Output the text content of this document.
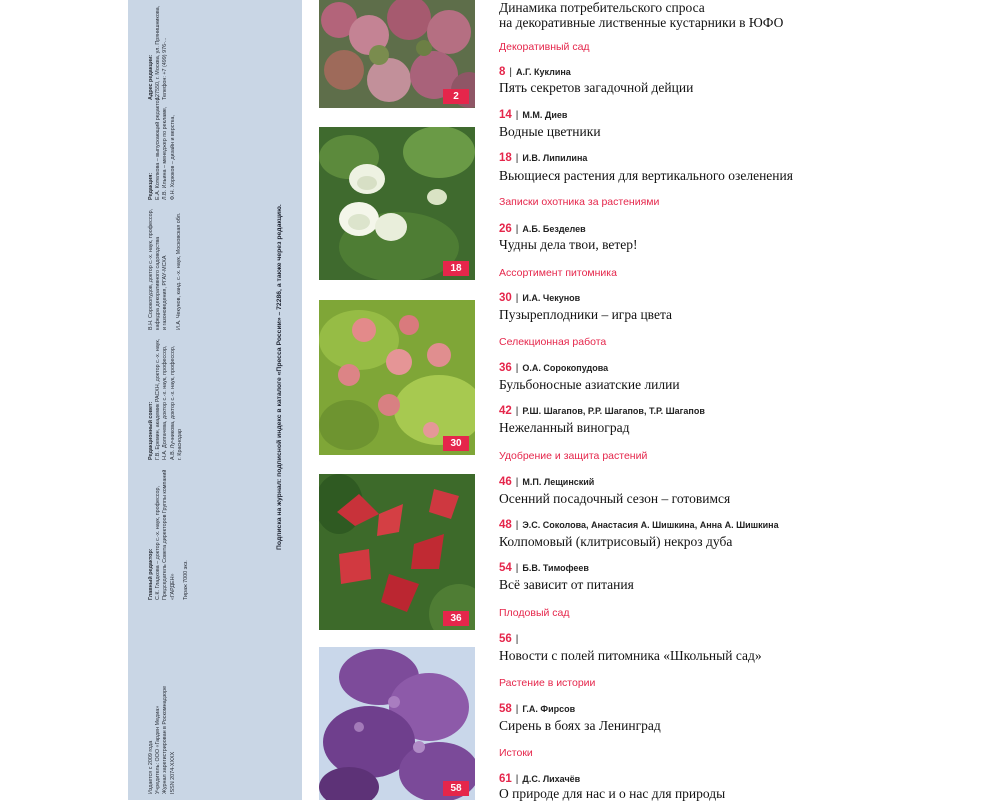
Издается с 2009 года Учредитель: ООО «Гарден Медиа» Журнал зарегистрирован в Роскомнадзоре ISSN 2074-XXXX
Главный редактор: С.К. Гладкова – доктор с.-х. наук, профессор, Председатель Совета директоров Группы компаний «ГАРДЕН» Тираж 7000 экз.
Редакционный совет: Г.В. Еремин, академик РАСХН, доктор с.-х. наук, Н.А. Долгачева, доктор с.-х. наук, профессор, А.В. Лучникова, доктор с.-х. наук, профессор, г. Краснодар
В.Н. Сорокопудов, доктор с.-х. наук, профессор, кафедра декоративного садоводства и газоноведения, РГАУ-МСХА И.А. Чекунов, канд. с.-х. наук, Московская обл.
Редакция: Е.А. Котелкова – выпускающий редактор, Л.В. Ильина – менеджер по рекламе, Ф.Н. Хорюков – дизайн и верстка,
Адрес редакции: 127550, г. Москва, ул. Прянишникова, Телефон: +7 (499) 976-...
Подписка на журнал: подписной индекс в каталоге «Пресса России» – 72286, а также через редакцию.
2
18
30
36
58
Динамика потребительского спроса
на декоративные лиственные кустарники в ЮФО
Декоративный сад
8 | А.Г. Куклина
Пять секретов загадочной дейции
14 | М.М. Диев
Водные цветники
18 | И.В. Липилина
Вьющиеся растения для вертикального озеленения
Записки охотника за растениями
26 | А.Б. Безделев
Чудны дела твои, ветер!
Ассортимент питомника
30 | И.А. Чекунов
Пузыреплодники – игра цвета
Селекционная работа
36 | О.А. Сорокопудова
Бульбоносные азиатские лилии
42 | Р.Ш. Шагапов, Р.Р. Шагапов, Т.Р. Шагапов
Нежеланный виноград
Удобрение и защита растений
46 | М.П. Лещинский
Осенний посадочный сезон – готовимся
48 | Э.С. Соколова, Анастасия А. Шишкина, Анна А. Шишкина
Колпомовый (клитрисовый) некроз дуба
54 | Б.В. Тимофеев
Всё зависит от питания
Плодовый сад
56 |
Новости с полей питомника «Школьный сад»
Растение в истории
58 | Г.А. Фирсов
Сирень в боях за Ленинград
Истоки
61 | Д.С. Лихачёв
О природе для нас и о нас для природы
